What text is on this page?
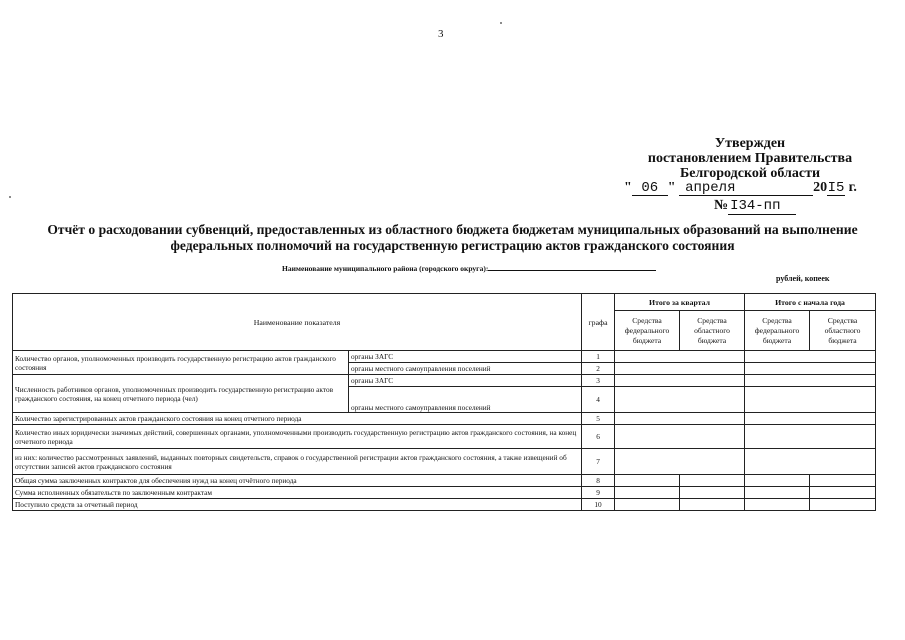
3
Утвержден
постановлением Правительства
Белгородской области
" 06 " апреля	20I5 г.
№ I34-пп
Отчёт о расходовании субвенций, предоставленных из областного бюджета бюджетам муниципальных образований на выполнение федеральных полномочий на государственную регистрацию актов гражданского состояния
Наименование муниципального района (городского округа):
рублей, копеек
Наименование показателя		графа	Итого за квартал		Итого с начала года	
			Средства федерального бюджета	Средства областного бюджета	Средства федерального бюджета	Средства областного бюджета
Количество органов, уполномоченных производить государственную регистрацию актов гражданского состояния	органы ЗАГС	1				
	органы местного самоуправления поселений	2				
Численность работников органов, уполномоченных производить государственную регистрацию актов гражданского состояния, на конец отчетного периода (чел)	органы ЗАГС	3				
	органы местного самоуправления поселений	4				
Количество зарегистрированных актов гражданского состояния на конец отчетного периода		5				
Количество иных юридически значимых действий, совершенных органами, уполномоченными производить государственную регистрацию актов гражданского состояния, на конец отчетного периода		6				
из них: количество рассмотренных заявлений, выданных повторных свидетельств, справок о государственной регистрации актов гражданского состояния, а также извещений об отсутствии записей актов гражданского состояния		7				
Общая сумма заключенных контрактов для обеспечения нужд на конец отчётного периода		8				
Сумма исполненных обязательств по заключенным контрактам		9				
Поступило средств за отчетный период		10				
